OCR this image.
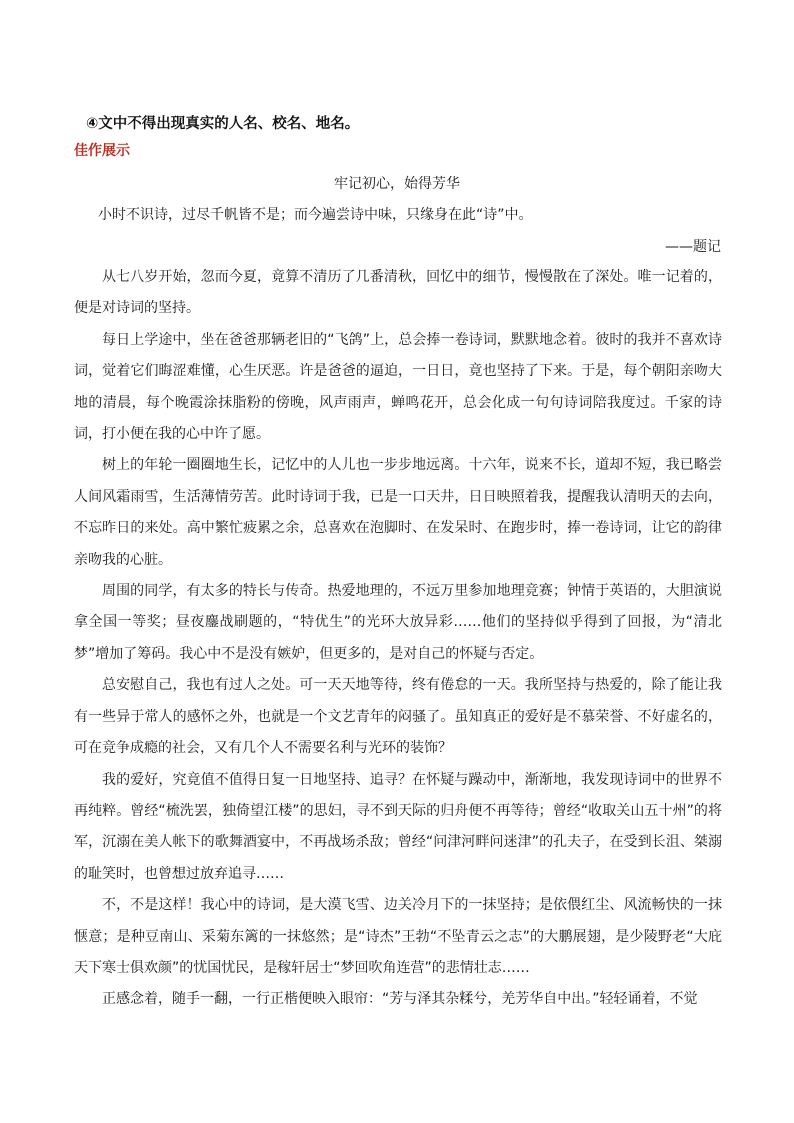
④文中不得出现真实的人名、校名、地名。

佳作展示

牢记初心，始得芳华

小时不识诗，过尽千帆皆不是；而今遍尝诗中味，只缘身在此“诗”中。

——题记

从七八岁开始，忽而今夏，竟算不清历了几番清秋，回忆中的细节，慢慢散在了深处。唯一记着的，便是对诗词的坚持。

每日上学途中，坐在爸爸那辆老旧的“飞鸽”上，总会捧一卷诗词，默默地念着。彼时的我并不喜欢诗词，觉着它们晦涩难懂，心生厌恶。许是爸爸的逼迫，一日日，竟也坚持了下来。于是，每个朝阳亲吻大地的清晨，每个晚霞涂抹脂粉的傍晚，风声雨声，蝉鸣花开，总会化成一句句诗词陪我度过。千家的诗词，打小便在我的心中许了愿。

树上的年轮一圈圈地生长，记忆中的人儿也一步步地远离。十六年，说来不长，道却不短，我已略尝人间风霜雨雪，生活薄情劳苦。此时诗词于我，已是一口天井，日日映照着我，提醒我认清明天的去向，不忘昨日的来处。高中繁忙疲累之余，总喜欢在泡脚时、在发呆时、在跑步时，捧一卷诗词，让它的韵律亲吻我的心脏。

周围的同学，有太多的特长与传奇。热爱地理的，不远万里参加地理竞赛；钟情于英语的，大胆演说拿全国一等奖；昼夜鏖战刷题的，“特优生”的光环大放异彩……他们的坚持似乎得到了回报，为“清北梦”增加了筹码。我心中不是没有嫉妒，但更多的，是对自己的怀疑与否定。

总安慰自己，我也有过人之处。可一天天地等待，终有倦怠的一天。我所坚持与热爱的，除了能让我有一些异于常人的感怀之外，也就是一个文艺青年的闷骚了。虽知真正的爱好是不慕荣誉、不好虚名的，可在竞争成瘾的社会，又有几个人不需要名利与光环的装饰？

我的爱好，究竟值不值得日复一日地坚持、追寻？在怀疑与躁动中，渐渐地，我发现诗词中的世界不再纯粹。曾经“梳洗罢，独倚望江楼”的思妇，寻不到天际的归舟便不再等待；曾经“收取关山五十州”的将军，沉溺在美人帐下的歌舞酒宴中，不再战场杀敌；曾经“问津河畔问迷津”的孔夫子，在受到长沮、桀溺的耻笑时，也曾想过放弃追寻……

不，不是这样！我心中的诗词，是大漠飞雪、边关冷月下的一抹坚持；是依偎红尘、风流畅快的一抹惬意；是种豆南山、采菊东篱的一抹悠然；是“诗杰”王勃“不坠青云之志”的大鹏展翅，是少陵野老“大庇天下寒士俱欢颜”的忧国忧民，是稼轩居士“梦回吹角连营”的悲情壮志……

正感念着，随手一翻，一行正楷便映入眼帘：“芳与泽其杂糅兮，羌芳华自中出。”轻轻诵着，不觉
